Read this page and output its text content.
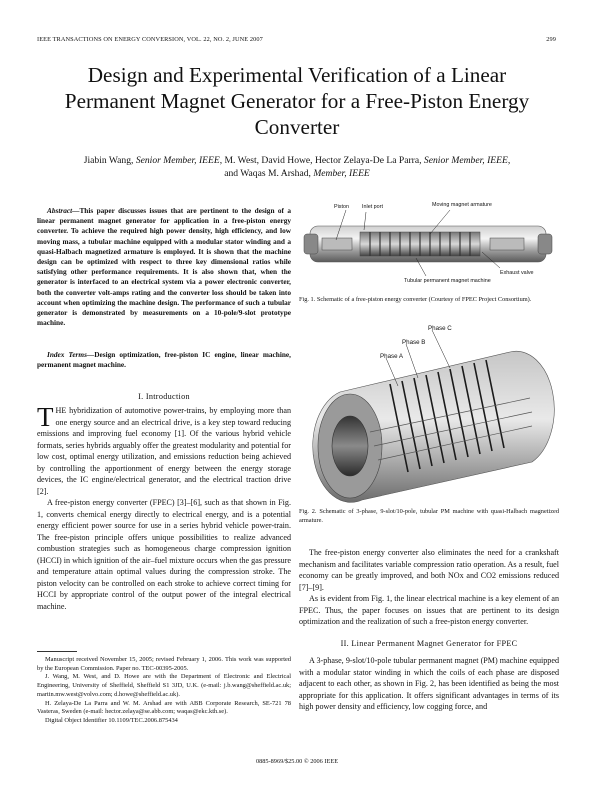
IEEE TRANSACTIONS ON ENERGY CONVERSION, VOL. 22, NO. 2, JUNE 2007	299
Design and Experimental Verification of a Linear Permanent Magnet Generator for a Free-Piston Energy Converter
Jiabin Wang, Senior Member, IEEE, M. West, David Howe, Hector Zelaya-De La Parra, Senior Member, IEEE,
and Waqas M. Arshad, Member, IEEE
Abstract—This paper discusses issues that are pertinent to the design of a linear permanent magnet generator for application in a free-piston energy converter. To achieve the required high power density, high efficiency, and low moving mass, a tubular machine equipped with a modular stator winding and a quasi-Halbach magnetized armature is employed. It is shown that the machine design can be optimized with respect to three key dimensional ratios while satisfying other performance requirements. It is also shown that, when the generator is interfaced to an electrical system via a power electronic converter, both the converter volt-amps rating and the converter loss should be taken into account when optimizing the machine design. The performance of such a tubular generator is demonstrated by measurements on a 10-pole/9-slot prototype machine.
Index Terms—Design optimization, free-piston IC engine, linear machine, permanent magnet machine.
I. Introduction

THE hybridization of automotive power-trains, by employing more than one energy source and an electrical drive, is a key step toward reducing emissions and improving fuel economy [1]. Of the various hybrid vehicle formats, series hybrids arguably offer the greatest modularity and potential for low cost, optimal energy utilization, and emissions reduction being achieved by controlling the apportionment of energy between the energy storage devices, the IC engine/electrical generator, and the electrical traction drive [2].

A free-piston energy converter (FPEC) [3]–[6], such as that shown in Fig. 1, converts chemical energy directly to electrical energy, and is a potential energy efficient power source for use in a series hybrid vehicle power-train. The free-piston principle offers unique possibilities to realize advanced combustion strategies such as homogeneous charge compression ignition (HCCI) in which ignition of the air–fuel mixture occurs when the gas pressure and temperature attain optimal values during the compression stroke. The piston velocity can be controlled on each stroke to achieve correct timing for HCCI by appropriate control of the output power of the integral electrical machine.

Manuscript received November 15, 2005; revised February 1, 2006. This work was supported by the European Commission. Paper no. TEC-00395-2005.

J. Wang, M. West, and D. Howe are with the Department of Electronic and Electrical Engineering, University of Sheffield, Sheffield S1 3JD, U.K. (e-mail: j.b.wang@sheffield.ac.uk; martin.mw.west@volvo.com; d.howe@sheffield.ac.uk).

H. Zelaya-De La Parra and W. M. Arshad are with ABB Corporate Research, SE-721 78 Vasteras, Sweden (e-mail: hector.zelaya@se.abb.com; waqas@ekc.kth.se).

Digital Object Identifier 10.1109/TEC.2006.875434

Piston Inlet port	Moving magnet armature
Exhaust valve
Tubular permanent magnet machine
Fig. 1. Schematic of a free-piston energy converter (Courtesy of FPEC Project Consortium).
Phase C
Phase B
Phase A
Fig. 2. Schematic of 3-phase, 9-slot/10-pole, tubular PM machine with quasi-Halbach magnetized armature.

The free-piston energy converter also eliminates the need for a crankshaft mechanism and facilitates variable compression ratio operation. As a result, fuel economy can be greatly improved, and both NOx and CO2 emissions reduced [7]–[9].

As is evident from Fig. 1, the linear electrical machine is a key element of an FPEC. Thus, the paper focuses on issues that are pertinent to its design optimization and the realization of such a free-piston energy converter.

II. Linear Permanent Magnet Generator for FPEC

A 3-phase, 9-slot/10-pole tubular permanent magnet (PM) machine equipped with a modular stator winding in which the coils of each phase are disposed adjacent to each other, as shown in Fig. 2, has been identified as being the most appropriate for this application. It offers significant advantages in terms of its high power density and efficiency, low cogging force, and

0885-8969/$25.00 © 2006 IEEE
